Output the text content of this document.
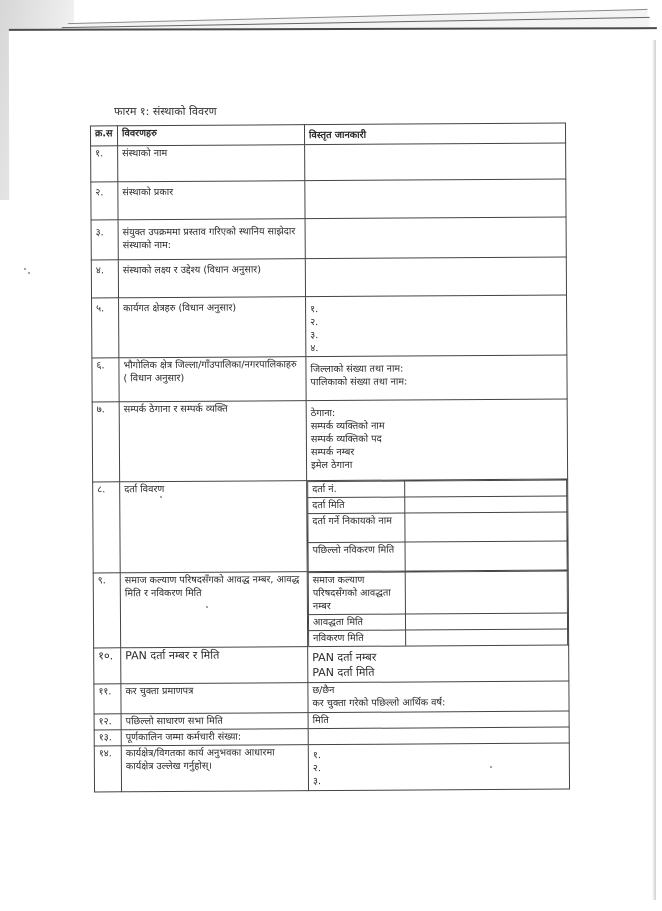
फारम १: संस्थाको विवरण
क्र.स	विवरणहरु	विस्तृत जानकारी
१.	संस्थाको नाम	
२.	संस्थाको प्रकार	
३.	संयुक्त उपक्रममा प्रस्ताव गरिएको स्थानिय साझेदार संस्थाको नाम:	
४.	संस्थाको लक्ष्य र उद्देश्य (विधान अनुसार)	
५.	कार्यगत क्षेत्रहरु (विधान अनुसार)	१.
२.
३.
४.

६.	भौगोलिक क्षेत्र जिल्ला/गाँउपालिका/नगरपालिकाहरु ( विधान अनुसार)	
जिल्लाको संख्या तथा नाम:
पालिकाको संख्या तथा नाम:

७.	सम्पर्क ठेगाना र सम्पर्क व्यक्ति	ठेगाना:
सम्पर्क व्यक्तिको नाम
सम्पर्क व्यक्तिको पद
सम्पर्क नम्बर
इमेल ठेगाना

८.	दर्ता विवरण		दर्ता नं.	
दर्ता मिति	
दर्ता गर्ने निकायको नाम	
पछिल्लो नविकरण मिति	

९.	समाज कल्याण परिषदसँगको आवद्ध नम्बर, आवद्ध मिति र नविकरण मिति	
समाज कल्याण परिषदसँगको आवद्धता नम्बर	
आवद्धता मिति	
नविकरण मिति	

१०.	PAN दर्ता नम्बर र मिति	PAN दर्ता नम्बर
PAN दर्ता मिति

११.	कर चुक्ता प्रमाणपत्र	छ/छैन
कर चुक्ता गरेको पछिल्लो आर्थिक वर्ष:

१२.	पछिल्लो साधारण सभा मिति	मिति
१३.	पूर्णकालिन जम्मा कर्मचारी संख्या:	
१४.	कार्यक्षेत्र/विगतका कार्य अनुभवका आधारमा कार्यक्षेत्र उल्लेख गर्नुहोस्।	
१.
२.
३.
